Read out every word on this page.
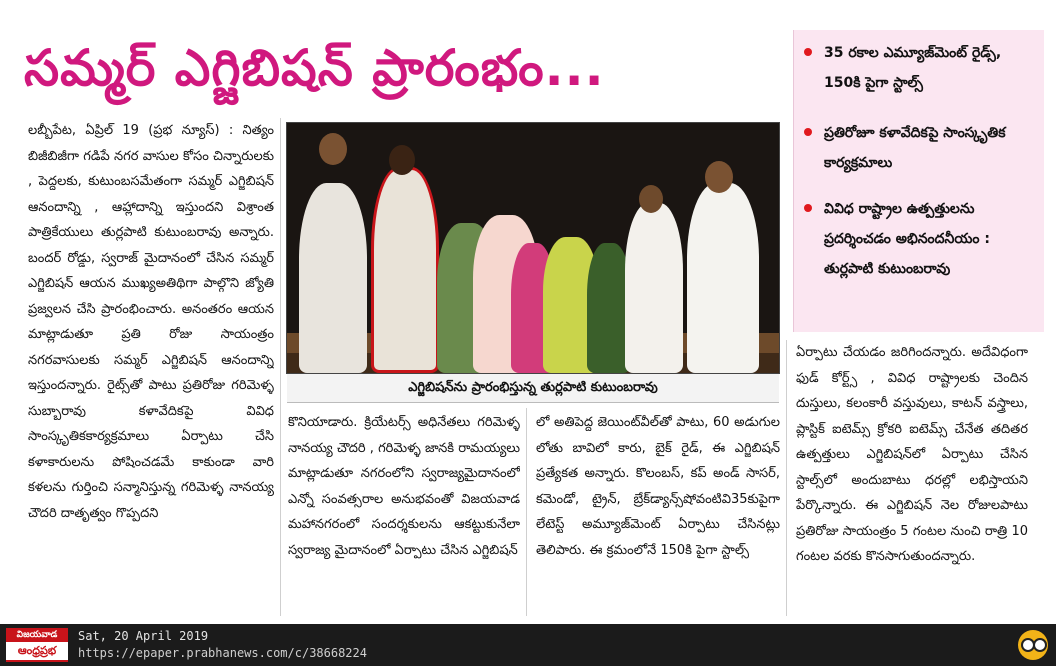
సమ్మర్ ఎగ్జిబిషన్ ప్రారంభం...	35 రకాల ఎమ్యూజ్‌మెంట్ రైడ్స్, 150కి పైగా స్టాల్స్
ప్రతిరోజూ కళావేదికపై సాంస్కృతిక కార్యక్రమాలు
వివిధ రాష్ట్రాల ఉత్పత్తులను ప్రదర్శించడం అభినందనీయం : తుర్లపాటి కుటుంబరావు
లబ్బీపేట, ఏప్రిల్ 19 (ప్రభ న్యూస్) : నిత్యం బిజీబిజీగా గడిపే నగర వాసుల కోసం చిన్నారులకు , పెద్దలకు, కుటుంబసమేతంగా సమ్మర్ ఎగ్జిబిషన్ ఆనందాన్ని , ఆహ్లాదాన్ని ఇస్తుందని విశ్రాంత పాత్రికేయులు తుర్లపాటి కుటుంబరావు అన్నారు. బందర్ రోడ్డు, స్వరాజ్ మైదానంలో చేసిన సమ్మర్ ఎగ్జిబిషన్ ఆయన ముఖ్యఅతిథిగా పాల్గొని జ్యోతి ప్రజ్వలన చేసి ప్రారంభించారు. అనంతరం ఆయన మాట్లాడుతూ ప్రతి రోజు సాయంత్రం నగరవాసులకు సమ్మర్ ఎగ్జిబిషన్ ఆనందాన్ని ఇస్తుందన్నారు. రైట్స్‌తో పాటు ప్రతిరోజు గరిమెళ్ళ సుబ్బారావు కళావేదికపై వివిధ సాంస్కృతికకార్యక్రమాలు ఏర్పాటు చేసి కళాకారులను పోషించడమే కాకుండా వారి కళలను గుర్తించి సన్మానిస్తున్న గరిమెళ్ళ నానయ్య చౌదరి దాతృత్వం గొప్పదని
ఎగ్జిబిషన్‌ను ప్రారంభిస్తున్న తుర్లపాటి కుటుంబరావు
కొనియాడారు. క్రియేటర్స్ అధినేతలు గరిమెళ్ళ నానయ్య చౌదరి , గరిమెళ్ళ జానకి రామయ్యలు మాట్లాడుతూ నగరంలోని స్వరాజ్యమైదానంలో ఎన్నో సంవత్సరాల అనుభవంతో విజయవాడ మహానగరంలో సందర్శకులను ఆకట్టుకునేలా స్వరాజ్య మైదానంలో ఏర్పాటు చేసిన ఎగ్జిబిషన్
లో అతిపెద్ద జెయింట్‌వీల్‌తో పాటు, 60 అడుగుల లోతు బావిలో కారు, బైక్ రైడ్, ఈ ఎగ్జిబిషన్ ప్రత్యేకత అన్నారు. కొలంబస్, కప్ అండ్ సాసర్, కమెండో, ట్రైన్, బ్రేక్‌డ్యాన్స్‌షోవంటివి35కుపైగా లేటెస్ట్ అమ్యూజ్‌మెంట్ ఏర్పాటు చేసినట్లు తెలిపారు. ఈ క్రమంలోనే 150కి పైగా స్టాల్స్
ఏర్పాటు చేయడం జరిగిందన్నారు. అదేవిధంగా ఫుడ్ కోర్ట్స్ , వివిధ రాష్ట్రాలకు చెందిన దుస్తులు, కలంకారీ వస్తువులు, కాటన్ వస్త్రాలు, ప్లాస్టిక్ ఐటెమ్స్ క్రోకరి ఐటెమ్స్ చేనేత తదితర ఉత్పత్తులు ఎగ్జిబిషన్‌లో ఏర్పాటు చేసిన స్టాల్స్‌లో అందుబాటు ధరల్లో లభిస్తాయని పేర్కొన్నారు. ఈ ఎగ్జిబిషన్ నెల రోజులపాటు ప్రతిరోజు సాయంత్రం 5 గంటల నుంచి రాత్రి 10 గంటల వరకు కొనసాగుతుందన్నారు.
విజయవాడ
ఆంధ్రప్రభ
Sat, 20 April 2019
https://epaper.prabhanews.com/c/38668224
